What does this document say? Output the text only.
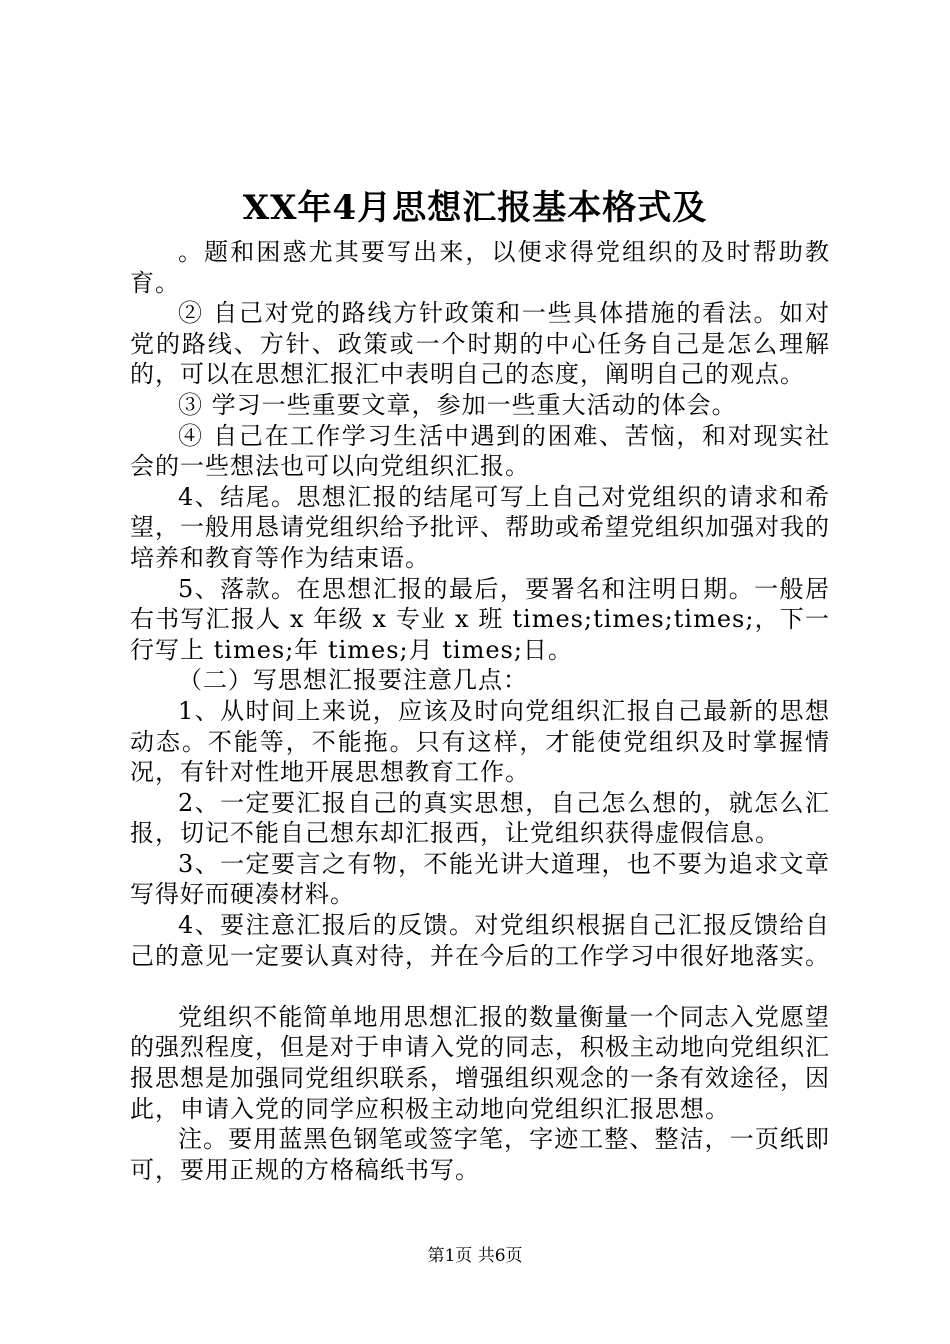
XX年4月思想汇报基本格式及

。题和困惑尤其要写出来，以便求得党组织的及时帮助教育。

② 自己对党的路线方针政策和一些具体措施的看法。如对党的路线、方针、政策或一个时期的中心任务自己是怎么理解的，可以在思想汇报汇中表明自己的态度，阐明自己的观点。

③ 学习一些重要文章，参加一些重大活动的体会。

④ 自己在工作学习生活中遇到的困难、苦恼，和对现实社会的一些想法也可以向党组织汇报。

4、结尾。思想汇报的结尾可写上自己对党组织的请求和希望，一般用恳请党组织给予批评、帮助或希望党组织加强对我的培养和教育等作为结束语。

5、落款。在思想汇报的最后，要署名和注明日期。一般居右书写汇报人 x 年级 x 专业 x 班 times;times;times;，下一行写上 times;年 times;月 times;日。

（二）写思想汇报要注意几点：

1、从时间上来说，应该及时向党组织汇报自己最新的思想动态。不能等，不能拖。只有这样，才能使党组织及时掌握情况，有针对性地开展思想教育工作。

2、一定要汇报自己的真实思想，自己怎么想的，就怎么汇报，切记不能自己想东却汇报西，让党组织获得虚假信息。

3、一定要言之有物，不能光讲大道理，也不要为追求文章写得好而硬凑材料。

4、要注意汇报后的反馈。对党组织根据自己汇报反馈给自己的意见一定要认真对待，并在今后的工作学习中很好地落实。

党组织不能简单地用思想汇报的数量衡量一个同志入党愿望的强烈程度，但是对于申请入党的同志，积极主动地向党组织汇报思想是加强同党组织联系，增强组织观念的一条有效途径，因此，申请入党的同学应积极主动地向党组织汇报思想。

注。要用蓝黑色钢笔或签字笔，字迹工整、整洁，一页纸即可，要用正规的方格稿纸书写。

第1页 共6页
